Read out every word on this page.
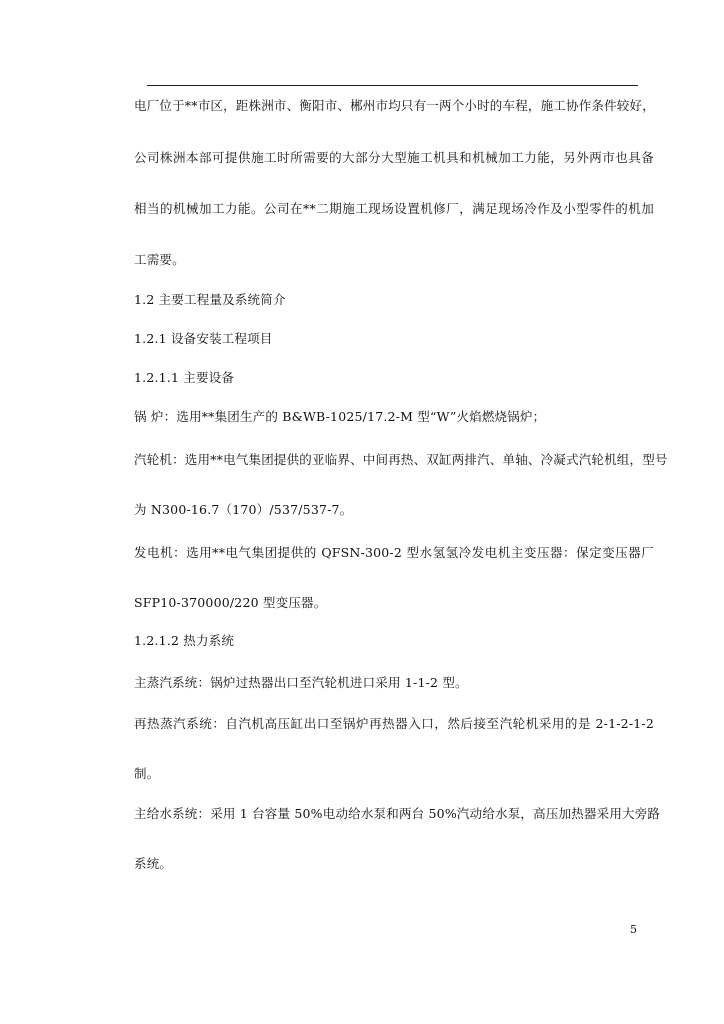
电厂位于**市区，距株洲市、衡阳市、郴州市均只有一两个小时的车程，施工协作条件较好，
公司株洲本部可提供施工时所需要的大部分大型施工机具和机械加工力能，另外两市也具备
相当的机械加工力能。公司在**二期施工现场设置机修厂，满足现场冷作及小型零件的机加
工需要。
1.2 主要工程量及系统简介
1.2.1 设备安装工程项目
1.2.1.1 主要设备
锅 炉：选用**集团生产的 B&WB-1025/17.2-M 型“W”火焰燃烧锅炉；
汽轮机：选用**电气集团提供的亚临界、中间再热、双缸两排汽、单轴、冷凝式汽轮机组，型号
为 N300-16.7（170）/537/537-7。
发电机：选用**电气集团提供的 QFSN-300-2 型水氢氢冷发电机主变压器：保定变压器厂
SFP10-370000/220 型变压器。
1.2.1.2 热力系统
主蒸汽系统：锅炉过热器出口至汽轮机进口采用 1-1-2 型。
再热蒸汽系统：自汽机高压缸出口至锅炉再热器入口，然后接至汽轮机采用的是 2-1-2-1-2
制。
主给水系统：采用 1 台容量 50%电动给水泵和两台 50%汽动给水泵，高压加热器采用大旁路
系统。
5
